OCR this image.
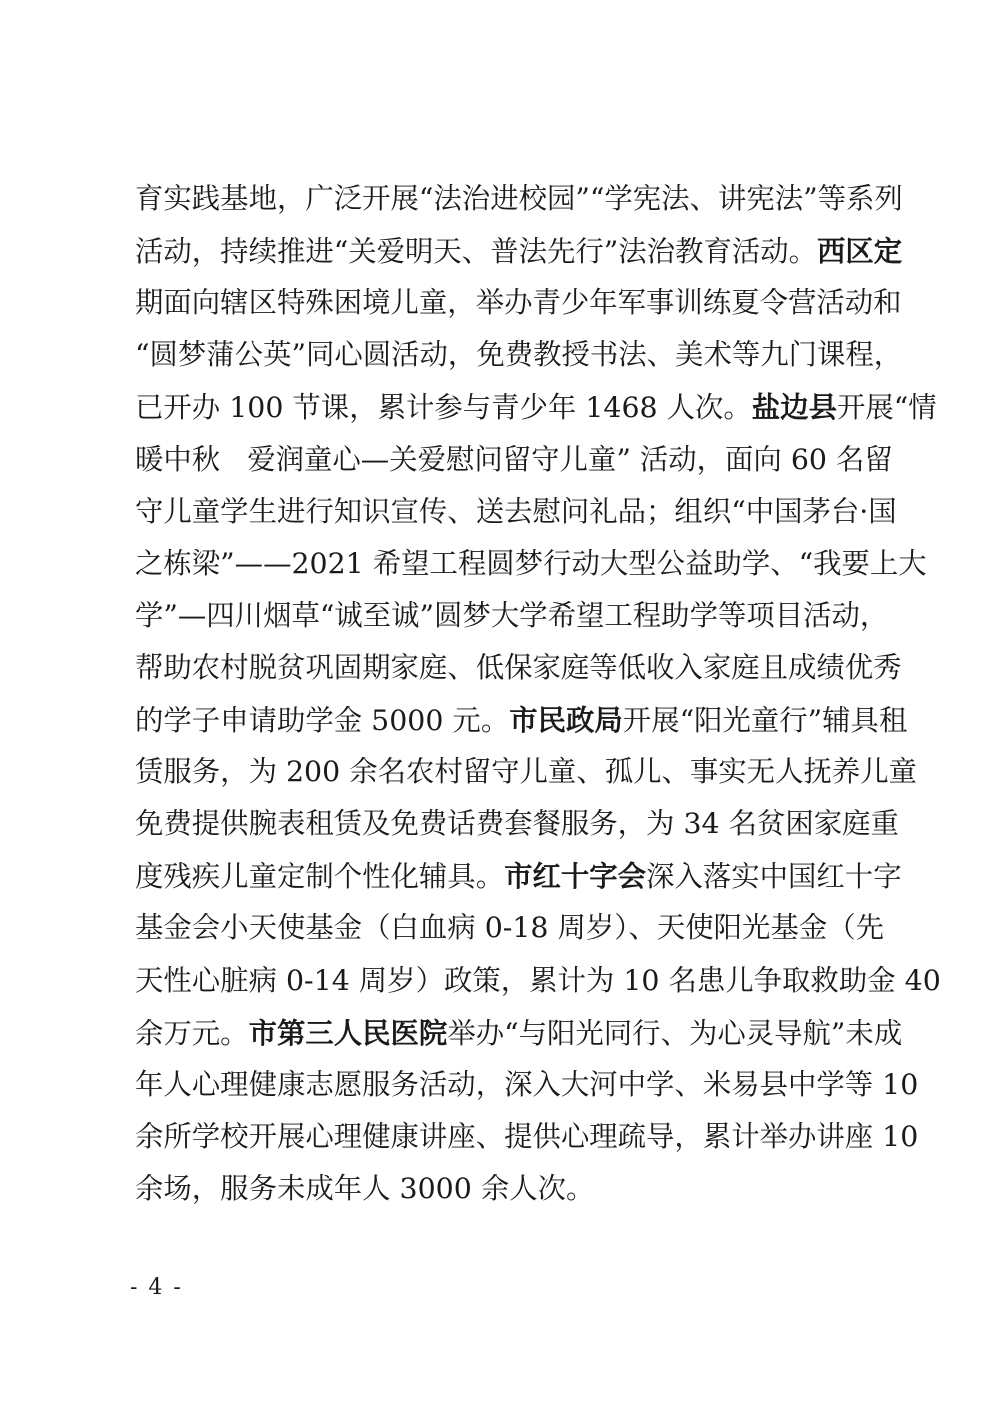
育实践基地，广泛开展“法治进校园”“学宪法、讲宪法”等系列
活动，持续推进“关爱明天、普法先行”法治教育活动。西区定
期面向辖区特殊困境儿童，举办青少年军事训练夏令营活动和
“圆梦蒲公英”同心圆活动，免费教授书法、美术等九门课程，
已开办 100 节课，累计参与青少年 1468 人次。盐边县开展“情
暖中秋   爱润童心—关爱慰问留守儿童” 活动，面向 60 名留
守儿童学生进行知识宣传、送去慰问礼品；组织“中国茅台·国
之栋梁”——2021 希望工程圆梦行动大型公益助学、“我要上大
学”—四川烟草“诚至诚”圆梦大学希望工程助学等项目活动，
帮助农村脱贫巩固期家庭、低保家庭等低收入家庭且成绩优秀
的学子申请助学金 5000 元。市民政局开展“阳光童行”辅具租
赁服务，为 200 余名农村留守儿童、孤儿、事实无人抚养儿童
免费提供腕表租赁及免费话费套餐服务，为 34 名贫困家庭重
度残疾儿童定制个性化辅具。市红十字会深入落实中国红十字
基金会小天使基金（白血病 0-18 周岁）、天使阳光基金（先
天性心脏病 0-14 周岁）政策，累计为 10 名患儿争取救助金 40
余万元。市第三人民医院举办“与阳光同行、为心灵导航”未成
年人心理健康志愿服务活动，深入大河中学、米易县中学等 10
余所学校开展心理健康讲座、提供心理疏导，累计举办讲座 10
余场，服务未成年人 3000 余人次。
- 4 -
